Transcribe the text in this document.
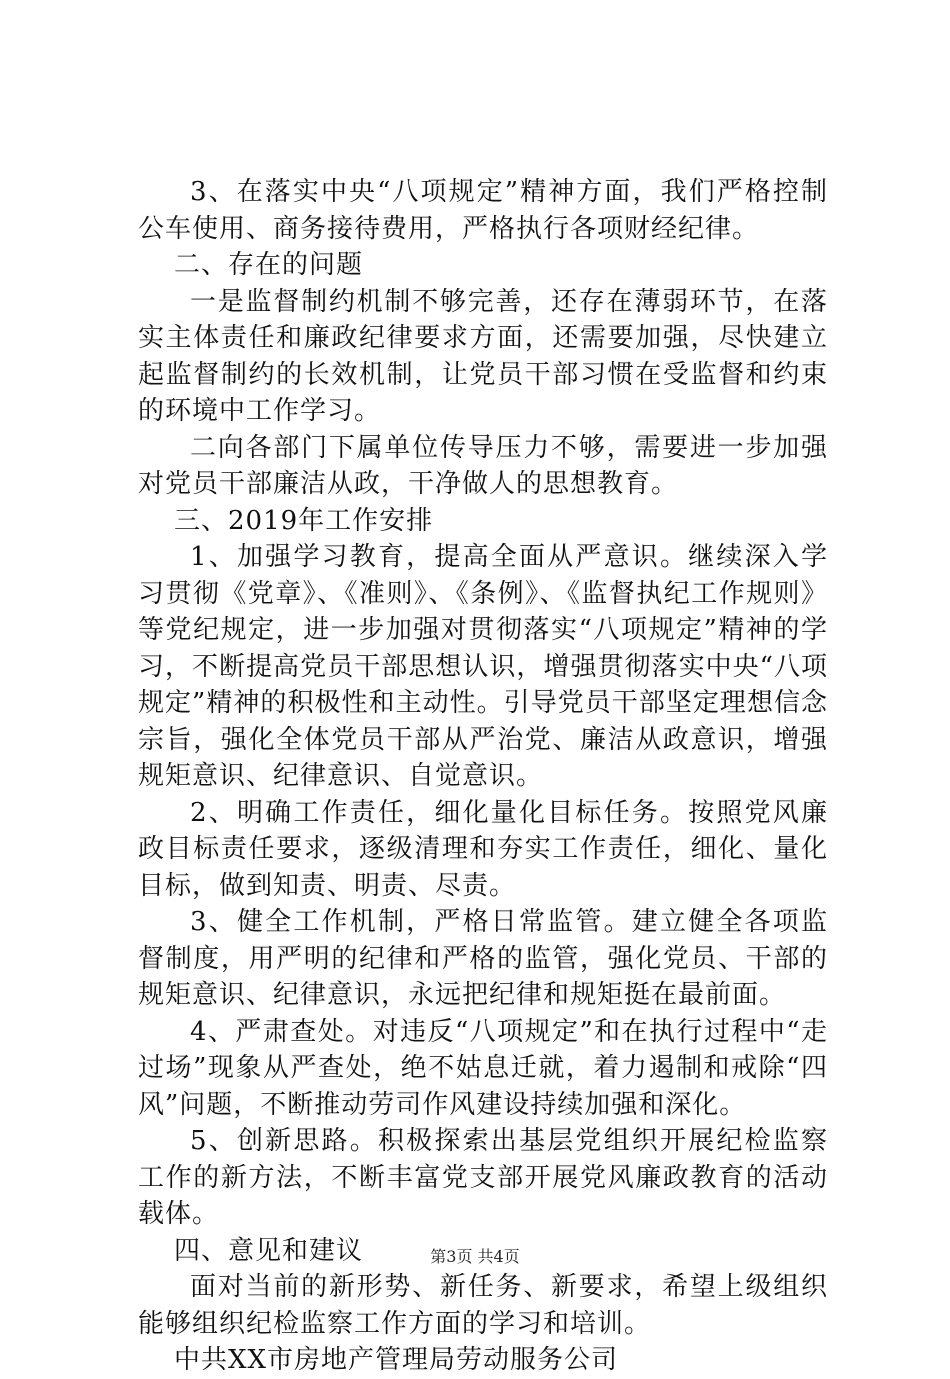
3、在落实中央“八项规定”精神方面，我们严格控制公车使用、商务接待费用，严格执行各项财经纪律。

二、存在的问题

一是监督制约机制不够完善，还存在薄弱环节，在落实主体责任和廉政纪律要求方面，还需要加强，尽快建立起监督制约的长效机制，让党员干部习惯在受监督和约束的环境中工作学习。

二向各部门下属单位传导压力不够，需要进一步加强对党员干部廉洁从政，干净做人的思想教育。

三、2019年工作安排

1、加强学习教育，提高全面从严意识。继续深入学习贯彻《党章》、《准则》、《条例》、《监督执纪工作规则》等党纪规定，进一步加强对贯彻落实“八项规定”精神的学习，不断提高党员干部思想认识，增强贯彻落实中央“八项规定”精神的积极性和主动性。引导党员干部坚定理想信念宗旨，强化全体党员干部从严治党、廉洁从政意识，增强规矩意识、纪律意识、自觉意识。

2、明确工作责任，细化量化目标任务。按照党风廉政目标责任要求，逐级清理和夯实工作责任，细化、量化目标，做到知责、明责、尽责。

3、健全工作机制，严格日常监管。建立健全各项监督制度，用严明的纪律和严格的监管，强化党员、干部的规矩意识、纪律意识，永远把纪律和规矩挺在最前面。

4、严肃查处。对违反“八项规定”和在执行过程中“走过场”现象从严查处，绝不姑息迁就，着力遏制和戒除“四风”问题，不断推动劳司作风建设持续加强和深化。

5、创新思路。积极探索出基层党组织开展纪检监察工作的新方法，不断丰富党支部开展党风廉政教育的活动载体。

四、意见和建议

面对当前的新形势、新任务、新要求，希望上级组织能够组织纪检监察工作方面的学习和培训。

中共XX市房地产管理局劳动服务公司

第3页 共4页
